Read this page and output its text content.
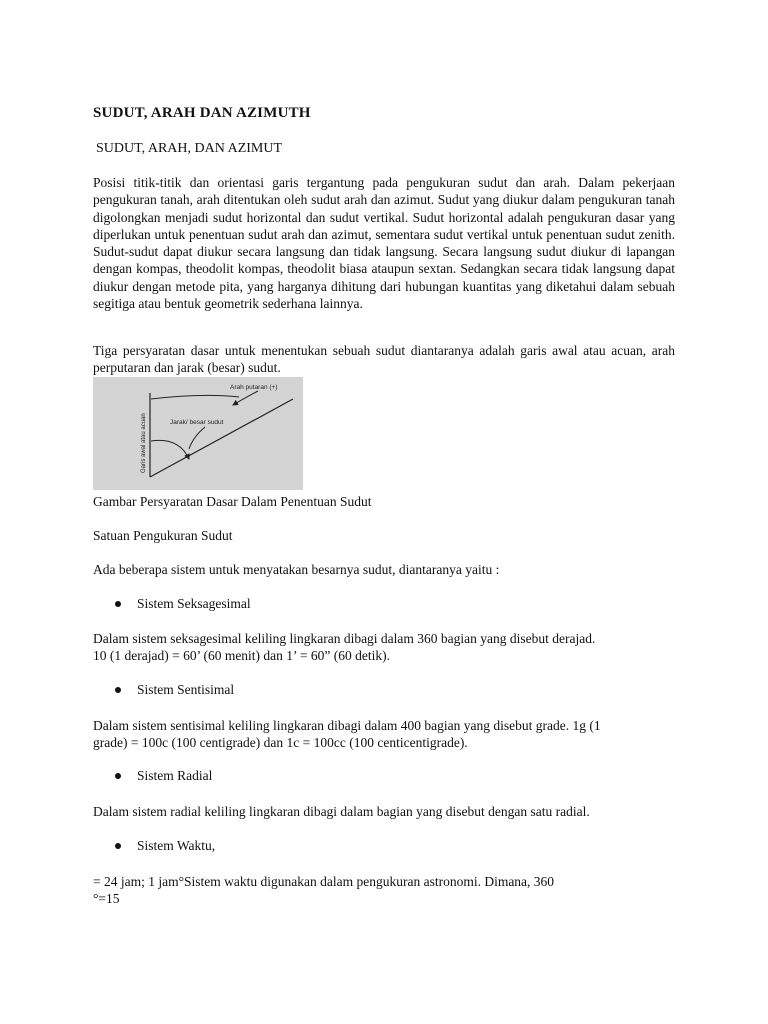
SUDUT, ARAH DAN AZIMUTH
SUDUT, ARAH, DAN AZIMUT

Posisi titik-titik dan orientasi garis tergantung pada pengukuran sudut dan arah. Dalam pekerjaan pengukuran tanah, arah ditentukan oleh sudut arah dan azimut. Sudut yang diukur dalam pengukuran tanah digolongkan menjadi sudut horizontal dan sudut vertikal. Sudut horizontal adalah pengukuran dasar yang diperlukan untuk penentuan sudut arah dan azimut, sementara sudut vertikal untuk penentuan sudut zenith. Sudut-sudut dapat diukur secara langsung dan tidak langsung. Secara langsung sudut diukur di lapangan dengan kompas, theodolit kompas, theodolit biasa ataupun sextan. Sedangkan secara tidak langsung dapat diukur dengan metode pita, yang harganya dihitung dari hubungan kuantitas yang diketahui dalam sebuah segitiga atau bentuk geometrik sederhana lainnya.

Tiga persyaratan dasar untuk menentukan sebuah sudut diantaranya adalah garis awal atau acuan, arah perputaran dan jarak (besar) sudut.

Arah putaran (+)
Jarak/ besar sudut
Garis awal atau acuan

Gambar Persyaratan Dasar Dalam Penentuan Sudut

Satuan Pengukuran Sudut

Ada beberapa sistem untuk menyatakan besarnya sudut, diantaranya yaitu :

Sistem Seksagesimal

Dalam sistem seksagesimal keliling lingkaran dibagi dalam 360 bagian yang disebut derajad.

10 (1 derajad) = 60’ (60 menit) dan 1’ = 60” (60 detik).

Sistem Sentisimal

Dalam sistem sentisimal keliling lingkaran dibagi dalam 400 bagian yang disebut grade. 1g (1

grade) = 100c (100 centigrade) dan 1c = 100cc (100 centicentigrade).

Sistem Radial

Dalam sistem radial keliling lingkaran dibagi dalam bagian yang disebut dengan satu radial.

Sistem Waktu,

= 24 jam; 1 jam°Sistem waktu digunakan dalam pengukuran astronomi. Dimana, 360

°=15
